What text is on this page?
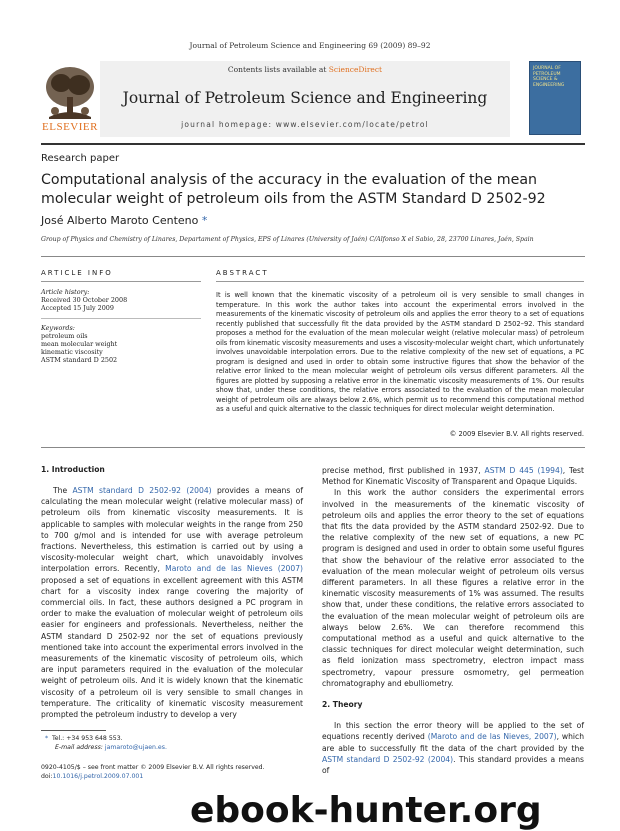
Journal of Petroleum Science and Engineering 69 (2009) 89–92
Contents lists available at ScienceDirect
Journal of Petroleum Science and Engineering
journal homepage: www.elsevier.com/locate/petrol
ELSEVIER
JOURNAL OF PETROLEUM SCIENCE & ENGINEERING
Research paper
Computational analysis of the accuracy in the evaluation of the mean molecular weight of petroleum oils from the ASTM Standard D 2502-92
José Alberto Maroto Centeno *
Group of Physics and Chemistry of Linares, Departament of Physics, EPS of Linares (University of Jaén) C/Alfonso X el Sabio, 28, 23700 Linares, Jaén, Spain
ARTICLE INFO	ABSTRACT
Article history:
Received 30 October 2008
Accepted 15 July 2009
Keywords:
petroleum oils
mean molecular weight
kinematic viscosity
ASTM standard D 2502
It is well known that the kinematic viscosity of a petroleum oil is very sensible to small changes in temperature. In this work the author takes into account the experimental errors involved in the measurements of the kinematic viscosity of petroleum oils and applies the error theory to a set of equations recently published that successfully fit the data provided by the ASTM standard D 2502–92. This standard proposes a method for the evaluation of the mean molecular weight (relative molecular mass) of petroleum oils from kinematic viscosity measurements and uses a viscosity-molecular weight chart, which unfortunately involves unavoidable interpolation errors. Due to the relative complexity of the new set of equations, a PC program is designed and used in order to obtain some instructive figures that show the behavior of the relative error linked to the mean molecular weight of petroleum oils versus different parameters. All the figures are plotted by supposing a relative error in the kinematic viscosity measurements of 1%. Our results show that, under these conditions, the relative errors associated to the evaluation of the mean molecular weight of petroleum oils are always below 2.6%, which permit us to recommend this computational method as a useful and quick alternative to the classic techniques for direct molecular weight determination.
© 2009 Elsevier B.V. All rights reserved.
1. Introduction

The ASTM standard D 2502-92 (2004) provides a means of calculating the mean molecular weight (relative molecular mass) of petroleum oils from kinematic viscosity measurements. It is applicable to samples with molecular weights in the range from 250 to 700 g/mol and is intended for use with average petroleum fractions. Nevertheless, this estimation is carried out by using a viscosity-molecular weight chart, which unavoidably involves interpolation errors. Recently, Maroto and de las Nieves (2007) proposed a set of equations in excellent agreement with this ASTM chart for a viscosity index range covering the majority of commercial oils. In fact, these authors designed a PC program in order to make the evaluation of molecular weight of petroleum oils easier for engineers and professionals. Nevertheless, neither the ASTM standard D 2502-92 nor the set of equations previously mentioned take into account the experimental errors involved in the measurements of the kinematic viscosity of petroleum oils, which are input parameters required in the evaluation of the molecular weight of petroleum oils. And it is widely known that the kinematic viscosity of a petroleum oil is very sensible to small changes in temperature. The criticality of kinematic viscosity measurement prompted the petroleum industry to develop a very

precise method, first published in 1937, ASTM D 445 (1994), Test Method for Kinematic Viscosity of Transparent and Opaque Liquids.

In this work the author considers the experimental errors involved in the measurements of the kinematic viscosity of petroleum oils and applies the error theory to the set of equations that fits the data provided by the ASTM standard 2502-92. Due to the relative complexity of the new set of equations, a new PC program is designed and used in order to obtain some useful figures that show the behaviour of the relative error associated to the evaluation of the mean molecular weight of petroleum oils versus different parameters. In all these figures a relative error in the kinematic viscosity measurements of 1% was assumed. The results show that, under these conditions, the relative errors associated to the evaluation of the mean molecular weight of petroleum oils are always below 2.6%. We can therefore recommend this computational method as a useful and quick alternative to the classic techniques for direct molecular weight determination, such as field ionization mass spectrometry, electron impact mass spectrometry, vapour pressure osmometry, gel permeation chromatography and ebulliometry.

2. Theory

In this section the error theory will be applied to the set of equations recently derived (Maroto and de las Nieves, 2007), which are able to successfully fit the data of the chart provided by the ASTM standard D 2502-92 (2004). This standard provides a means of

* Tel.: +34 953 648 553.
E-mail address: jamaroto@ujaen.es.
0920-4105/$ – see front matter © 2009 Elsevier B.V. All rights reserved.
doi:10.1016/j.petrol.2009.07.001
ebook-hunter.org
